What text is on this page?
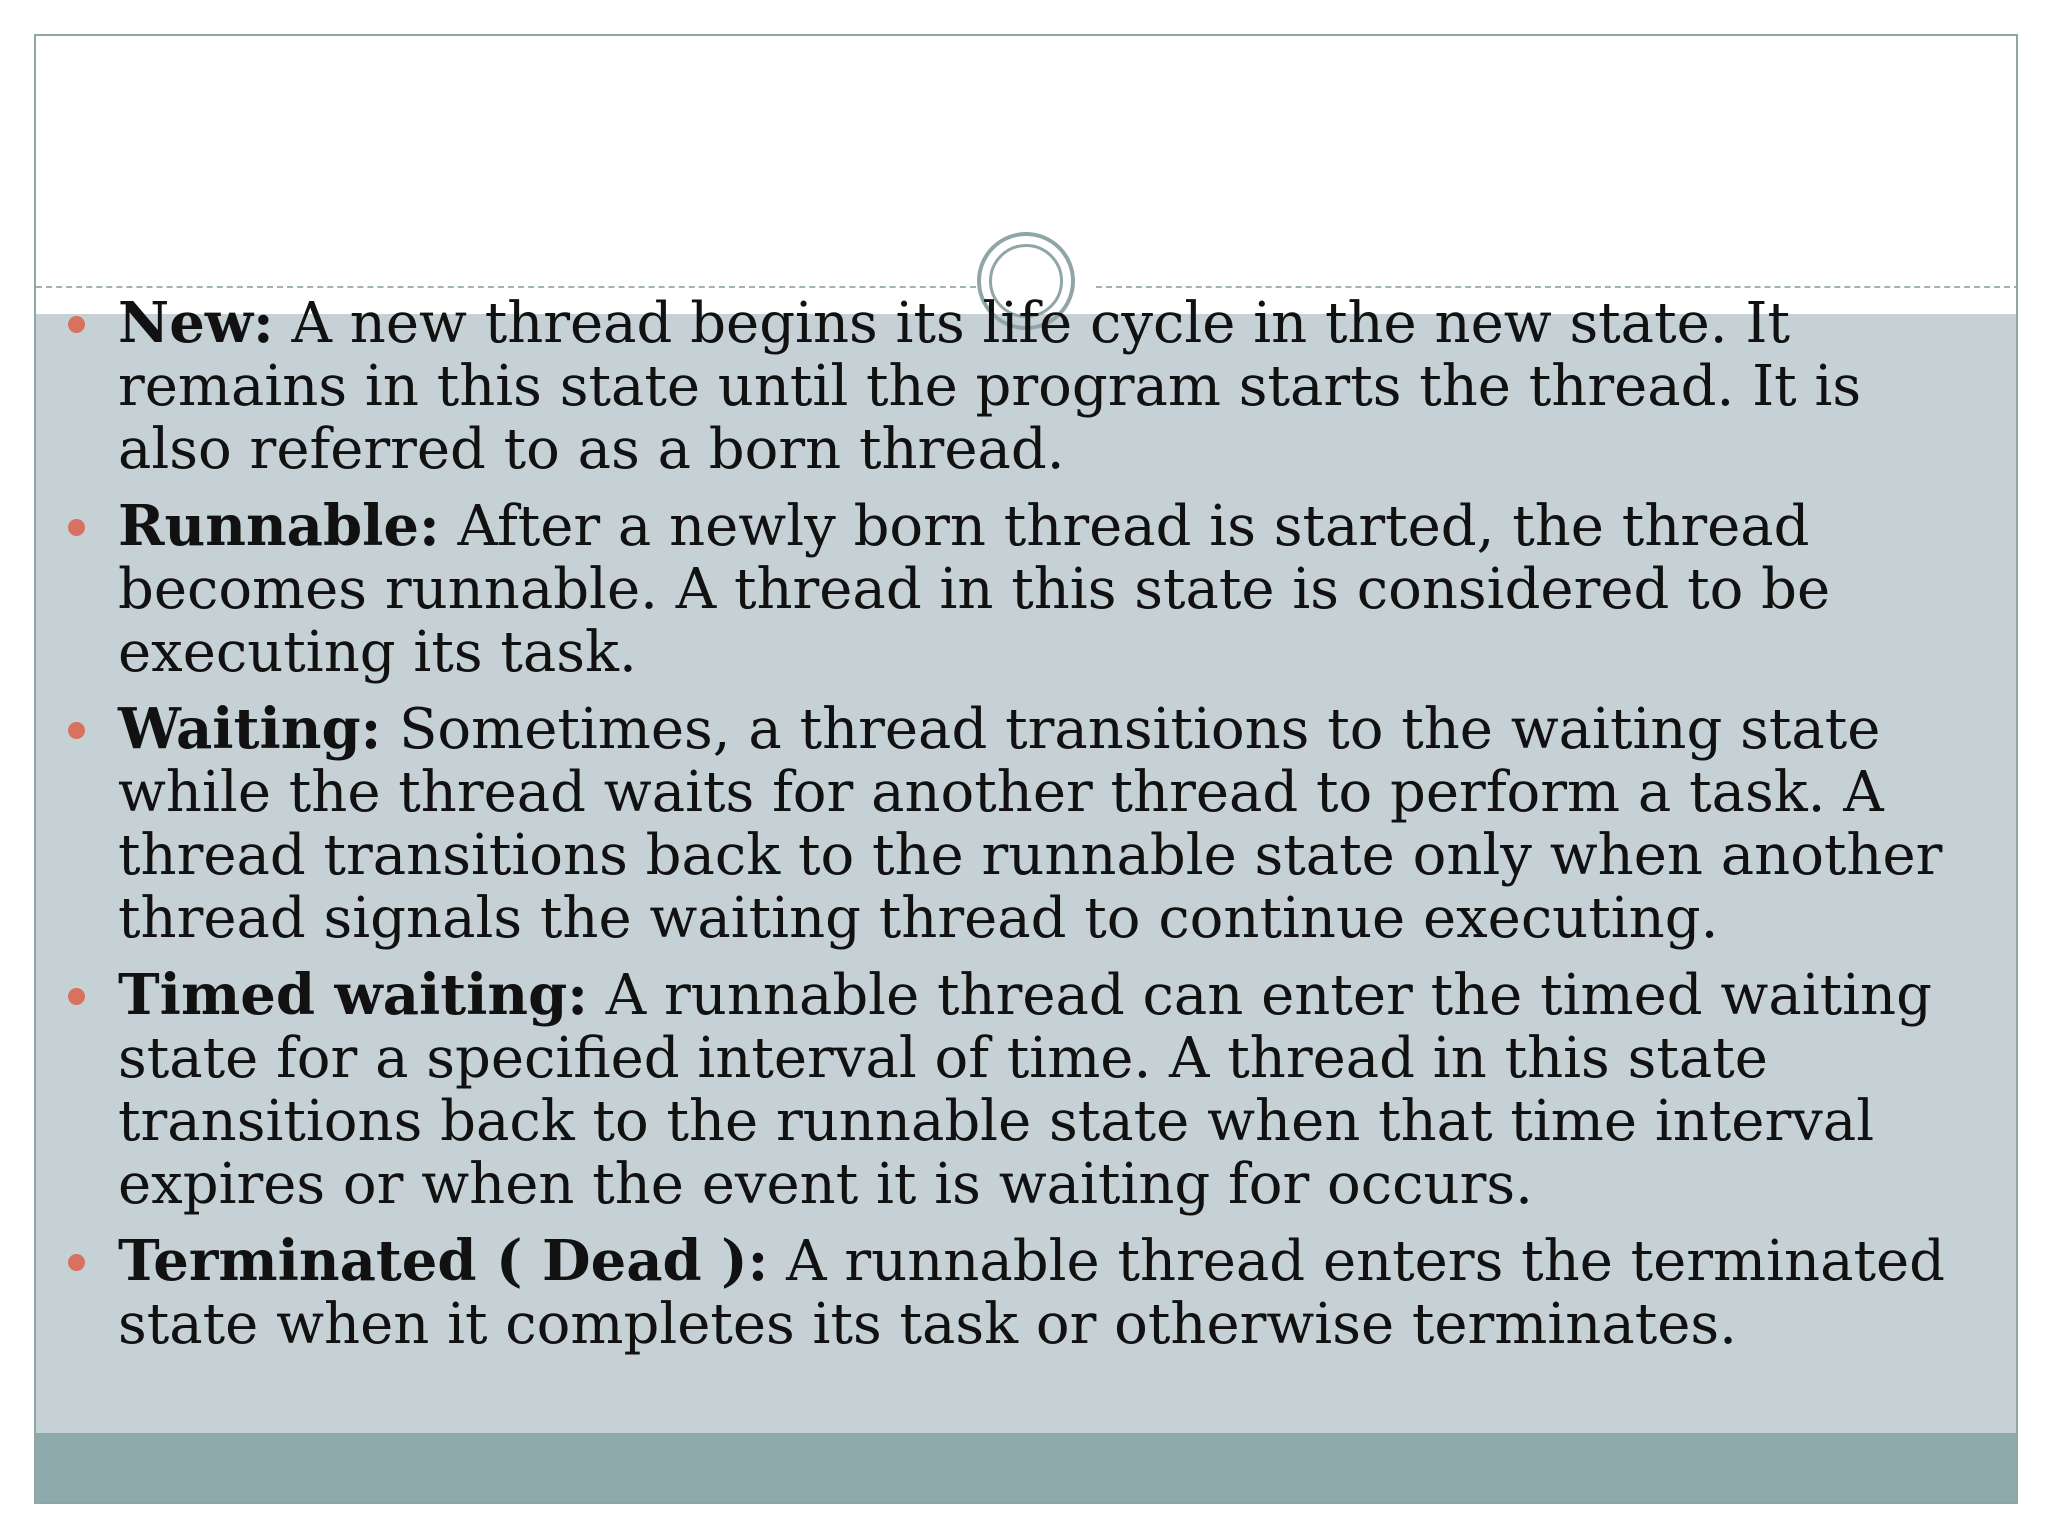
New: A new thread begins its life cycle in the new state. It remains in this state until the program starts the thread. It is also referred to as a born thread.
Runnable: After a newly born thread is started, the thread becomes runnable. A thread in this state is considered to be executing its task.
Waiting: Sometimes, a thread transitions to the waiting state while the thread waits for another thread to perform a task. A thread transitions back to the runnable state only when another thread signals the waiting thread to continue executing.
Timed waiting: A runnable thread can enter the timed waiting state for a specified interval of time. A thread in this state transitions back to the runnable state when that time interval expires or when the event it is waiting for occurs.
Terminated ( Dead ): A runnable thread enters the terminated state when it completes its task or otherwise terminates.
